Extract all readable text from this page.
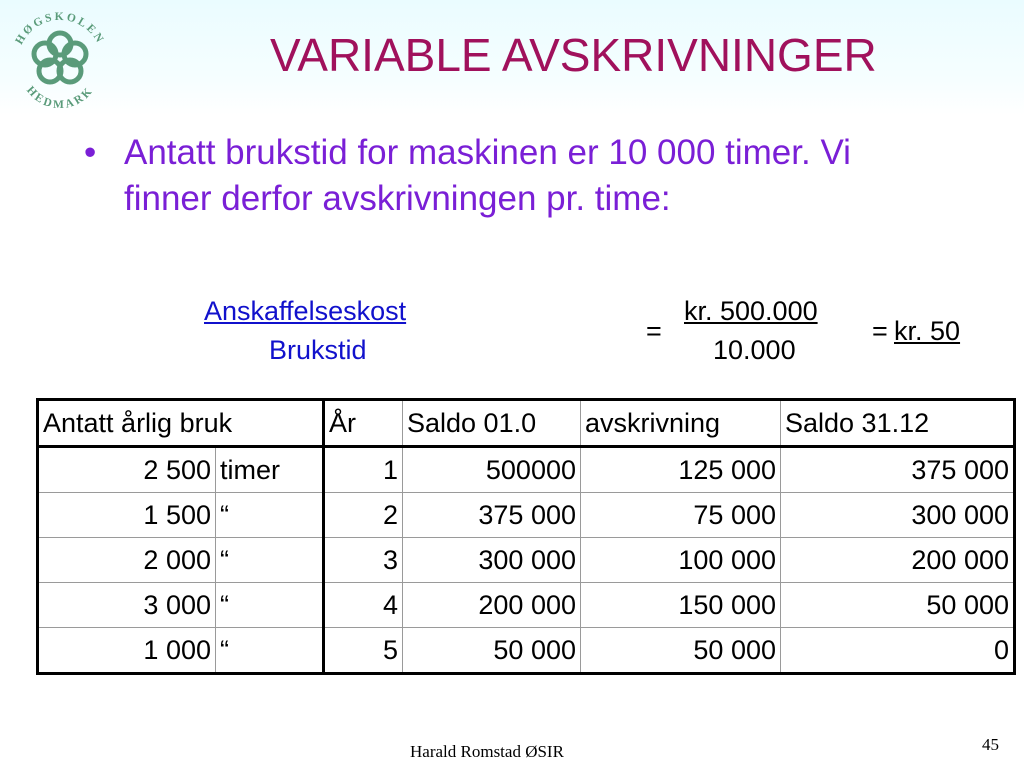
HØGSKOLEN
HEDMARK
VARIABLE AVSKRIVNINGER
• Antatt brukstid for maskinen er 10 000 timer. Vi finner derfor avskrivningen pr. time:
Anskaffelseskost
Brukstid
=
kr. 500.000
10.000
= kr. 50
Antatt årlig bruk		År	Saldo 01.0	avskrivning	Saldo 31.12
2 500	timer	1	500000	125 000	375 000
1 500	“	2	375 000	75 000	300 000
2 000	“	3	300 000	100 000	200 000
3 000	“	4	200 000	150 000	50 000
1 000	“	5	50 000	50 000	0
Harald Romstad ØSIR	45
